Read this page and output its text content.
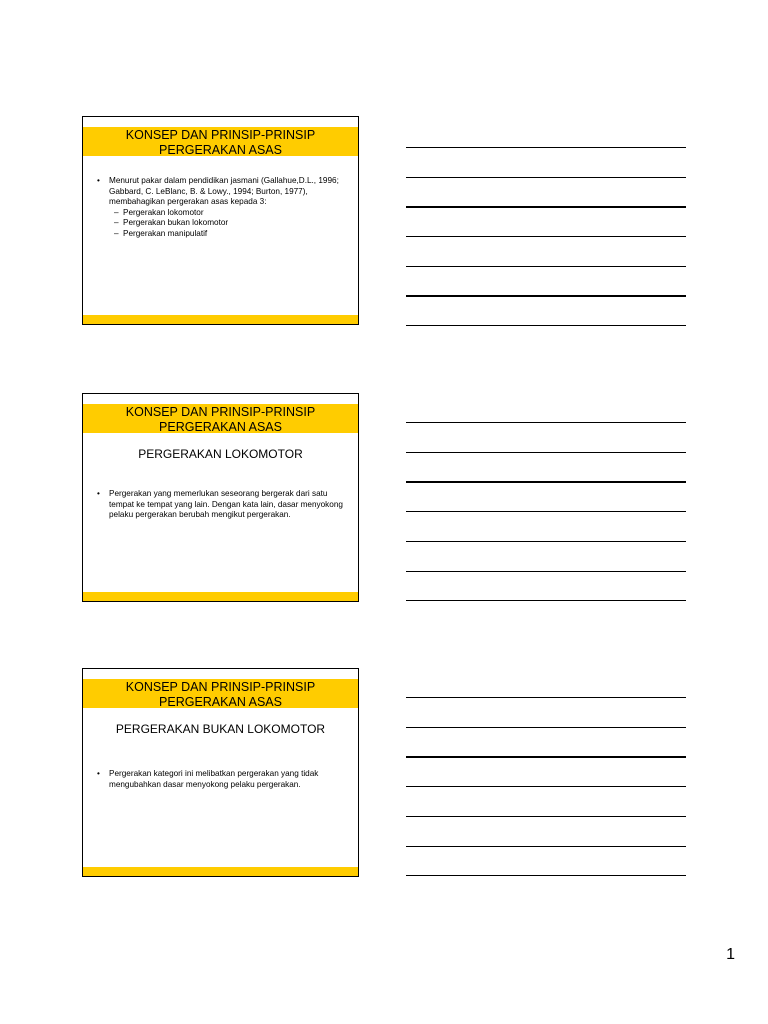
KONSEP DAN PRINSIP-PRINSIP PERGERAKAN ASAS
•	Menurut pakar dalam pendidikan jasmani (Gallahue,D.L., 1996; Gabbard, C. LeBlanc, B. & Lowy., 1994; Burton, 1977), membahagikan pergerakan asas kepada 3:
– Pergerakan lokomotor
– Pergerakan bukan lokomotor
– Pergerakan manipulatif
KONSEP DAN PRINSIP-PRINSIP PERGERAKAN ASAS
PERGERAKAN LOKOMOTOR
•	Pergerakan yang memerlukan seseorang bergerak dari satu tempat ke tempat yang lain. Dengan kata lain, dasar menyokong pelaku pergerakan berubah mengikut pergerakan.
KONSEP DAN PRINSIP-PRINSIP PERGERAKAN ASAS
PERGERAKAN BUKAN LOKOMOTOR
•	Pergerakan kategori ini melibatkan pergerakan yang tidak mengubahkan dasar menyokong pelaku pergerakan.
1
